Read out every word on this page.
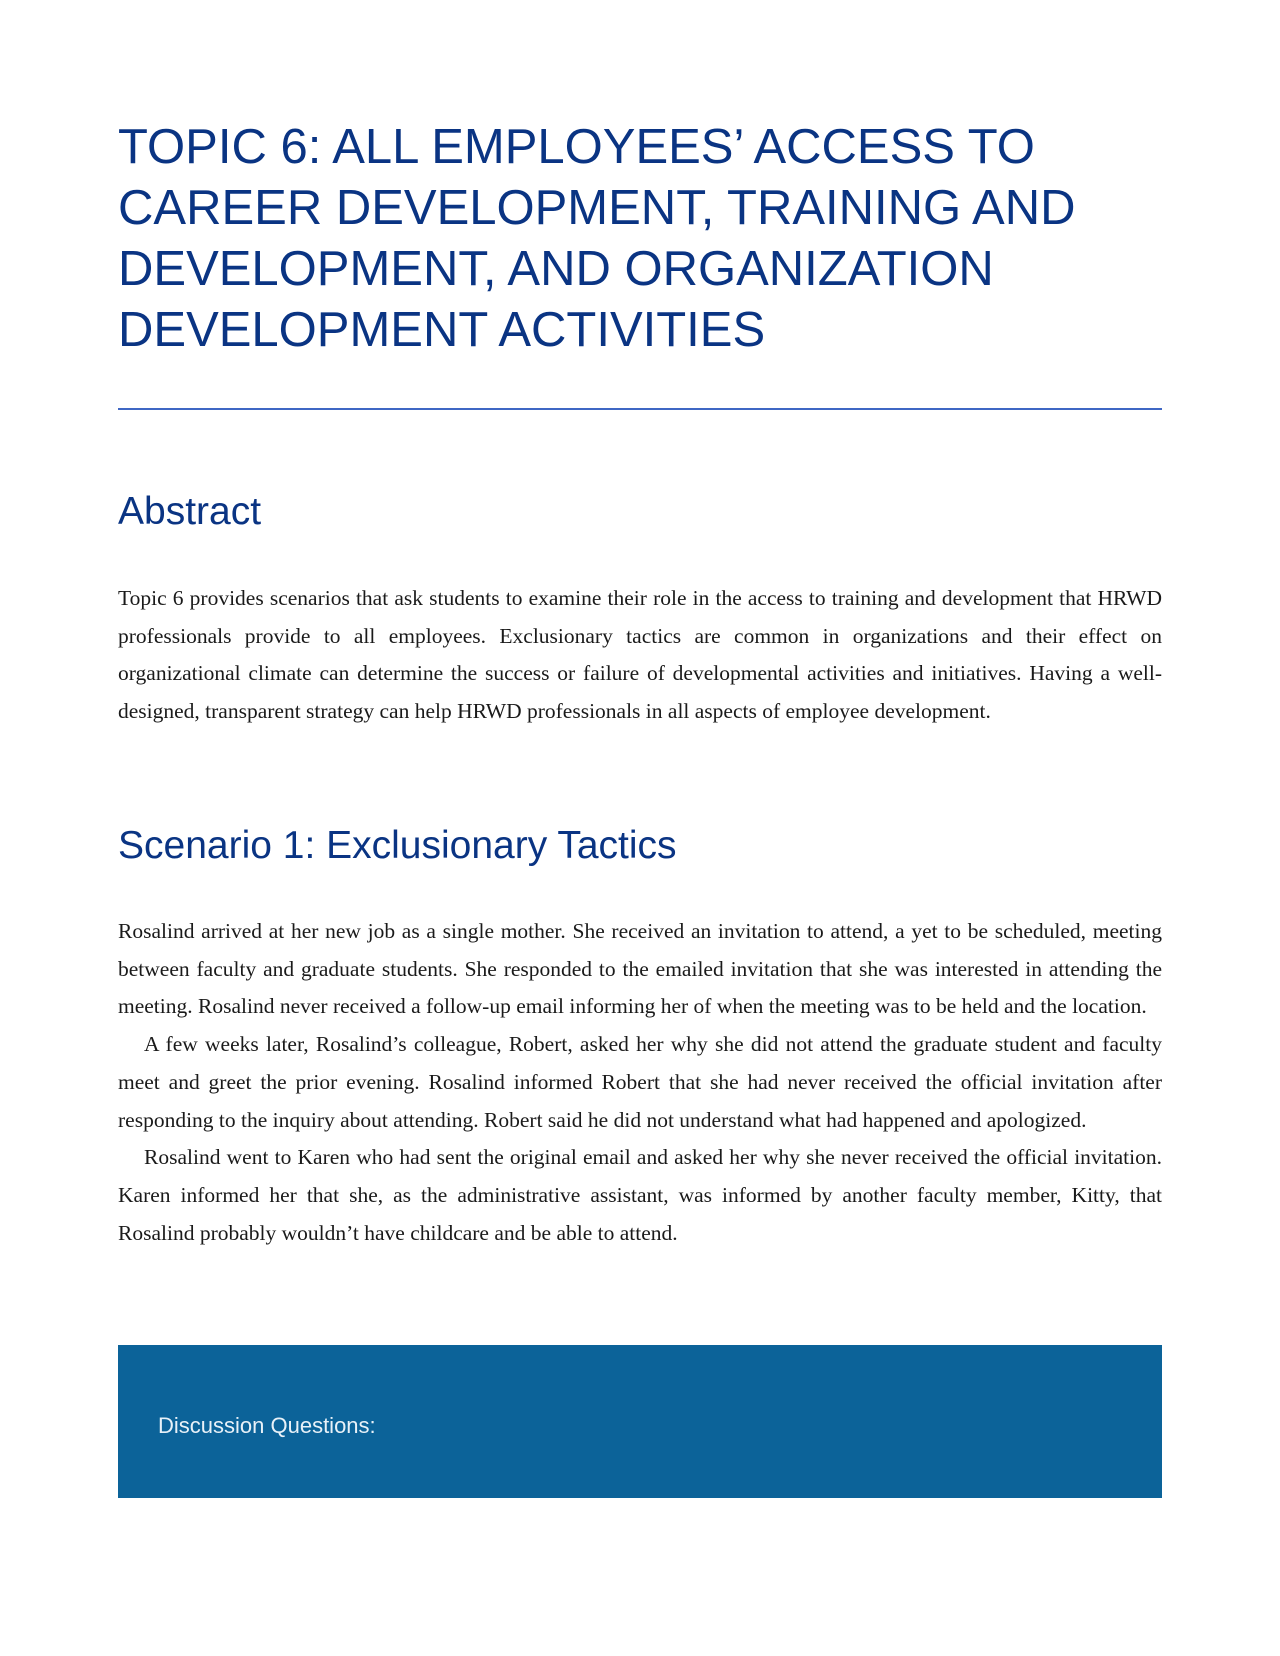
TOPIC 6: ALL EMPLOYEES’ ACCESS TO CAREER DEVELOPMENT, TRAINING AND DEVELOPMENT, AND ORGANIZATION DEVELOPMENT ACTIVITIES
Abstract

Topic 6 provides scenarios that ask students to examine their role in the access to training and development that HRWD professionals provide to all employees. Exclusionary tactics are common in organizations and their effect on organizational climate can determine the success or failure of developmental activities and initiatives. Having a well-designed, transparent strategy can help HRWD professionals in all aspects of employee development.

Scenario 1: Exclusionary Tactics

Rosalind arrived at her new job as a single mother. She received an invitation to attend, a yet to be scheduled, meeting between faculty and graduate students. She responded to the emailed invitation that she was interested in attending the meeting. Rosalind never received a follow-up email informing her of when the meeting was to be held and the location.

A few weeks later, Rosalind’s colleague, Robert, asked her why she did not attend the graduate student and faculty meet and greet the prior evening. Rosalind informed Robert that she had never received the official invitation after responding to the inquiry about attending. Robert said he did not understand what had happened and apologized.

Rosalind went to Karen who had sent the original email and asked her why she never received the official invitation. Karen informed her that she, as the administrative assistant, was informed by another faculty member, Kitty, that Rosalind probably wouldn’t have childcare and be able to attend.

Discussion Questions:
